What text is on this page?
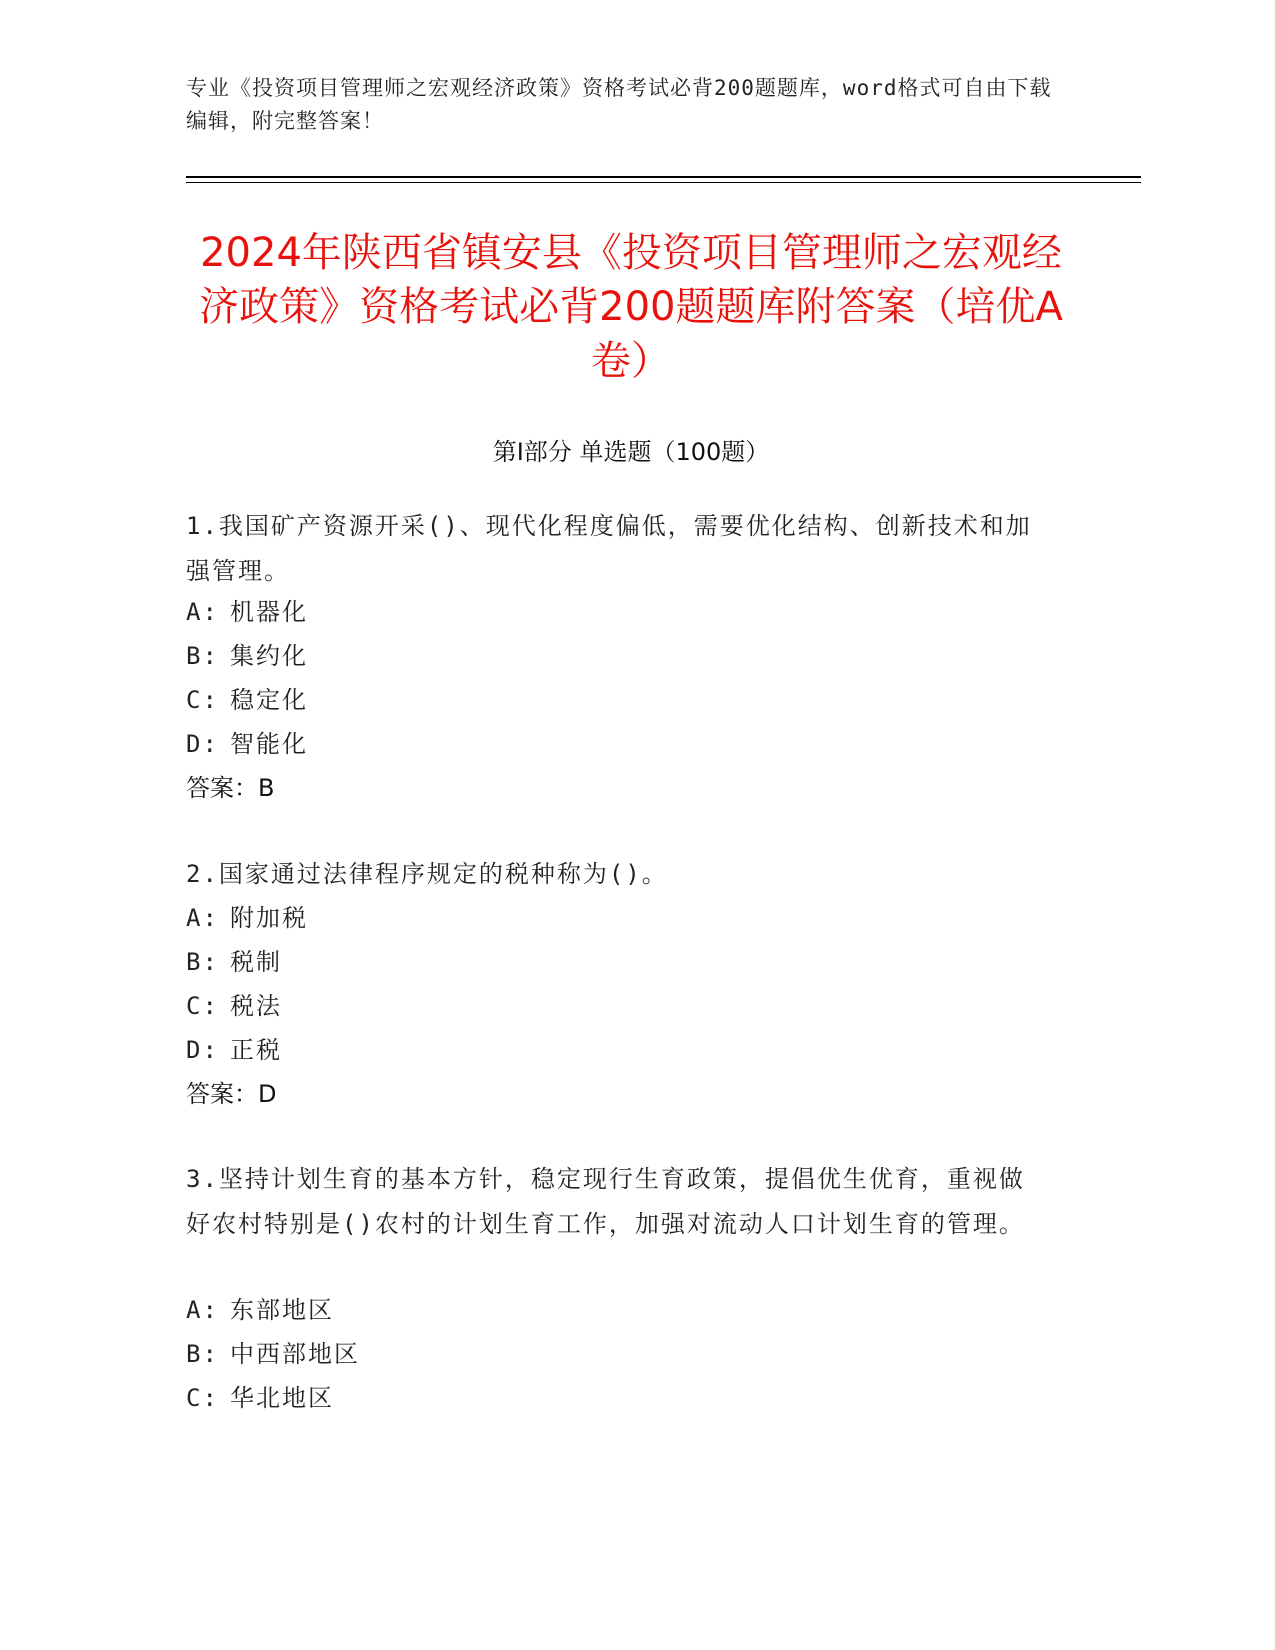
专业《投资项目管理师之宏观经济政策》资格考试必背200题题库，word格式可自由下载编辑，附完整答案！
2024年陕西省镇安县《投资项目管理师之宏观经济政策》资格考试必背200题题库附答案（培优A卷）
第I部分 单选题（100题）
1.我国矿产资源开采()、现代化程度偏低，需要优化结构、创新技术和加强管理。
A: 机器化
B: 集约化
C: 稳定化
D: 智能化
答案：B
2.国家通过法律程序规定的税种称为()。
A: 附加税
B: 税制
C: 税法
D: 正税
答案：D
3.坚持计划生育的基本方针，稳定现行生育政策，提倡优生优育，重视做好农村特别是()农村的计划生育工作，加强对流动人口计划生育的管理。
A: 东部地区
B: 中西部地区
C: 华北地区
